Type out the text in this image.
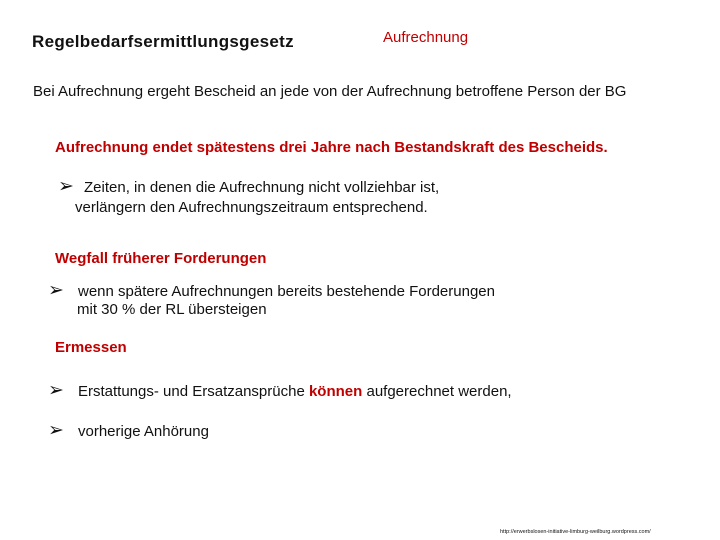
Regelbedarfsermittlungsgesetz	Aufrechnung
Bei Aufrechnung ergeht Bescheid an jede von der Aufrechnung betroffene Person der BG
Aufrechnung endet spätestens drei Jahre nach Bestandskraft des Bescheids.
➢ Zeiten, in denen die Aufrechnung nicht vollziehbar ist,
verlängern den Aufrechnungszeitraum entsprechend.
Wegfall früherer Forderungen
➢ wenn spätere Aufrechnungen bereits bestehende Forderungen
mit 30 % der RL übersteigen
Ermessen
➢ Erstattungs- und Ersatzansprüche können aufgerechnet werden,
➢ vorherige Anhörung
http://erwerbslosen-initiative-limburg-weilburg.wordpress.com/
